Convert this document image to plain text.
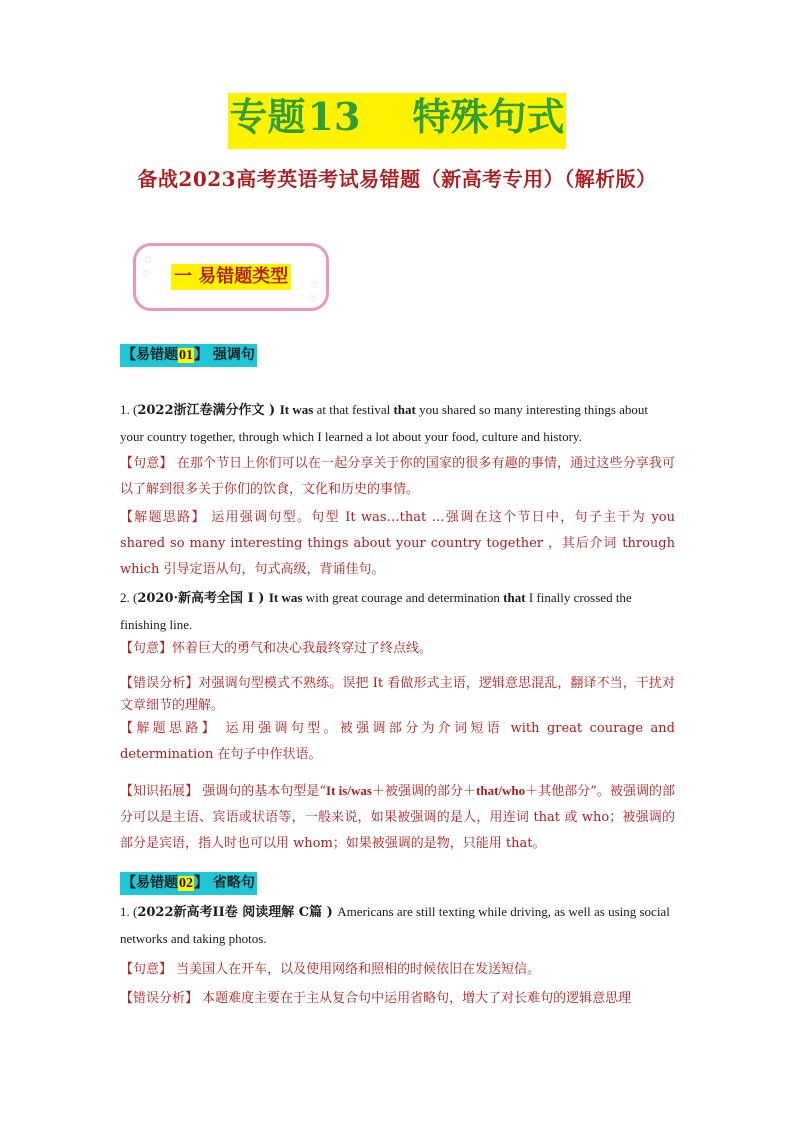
专题13 特殊句式
备战2023高考英语考试易错题（新高考专用）（解析版）
♡
♡
♡
♡
一 易错题类型
【易错题01】 强调句
1. (2022浙江卷满分作文 ) It was at that festival that you shared so many interesting things about your country together, through which I learned a lot about your food, culture and history.
【句意】 在那个节日上你们可以在一起分享关于你的国家的很多有趣的事情，通过这些分享我可以了解到很多关于你们的饮食，文化和历史的事情。
【解题思路】 运用强调句型。句型 It was…that …强调在这个节日中，句子主干为 you shared so many interesting things about your country together ，其后介词 through which 引导定语从句，句式高级，背诵佳句。
2. (2020·新高考全国 I ) It was with great courage and determination that I finally crossed the finishing line.
【句意】怀着巨大的勇气和决心我最终穿过了终点线。
【错误分析】对强调句型模式不熟练。误把 It 看做形式主语，逻辑意思混乱，翻译不当，干扰对文章细节的理解。
【解题思路】 运用强调句型。被强调部分为介词短语 with great courage and determination 在句子中作状语。
【知识拓展】 强调句的基本句型是“It is/was＋被强调的部分＋that/who＋其他部分”。被强调的部分可以是主语、宾语或状语等，一般来说，如果被强调的是人，用连词 that 或 who；被强调的部分是宾语，指人时也可以用 whom；如果被强调的是物，只能用 that。
【易错题02】 省略句
1. (2022新高考II卷 阅读理解 C篇 ) Americans are still texting while driving, as well as using social networks and taking photos.
【句意】 当美国人在开车，以及使用网络和照相的时候依旧在发送短信。
【错误分析】 本题难度主要在于主从复合句中运用省略句，增大了对长难句的逻辑意思理
